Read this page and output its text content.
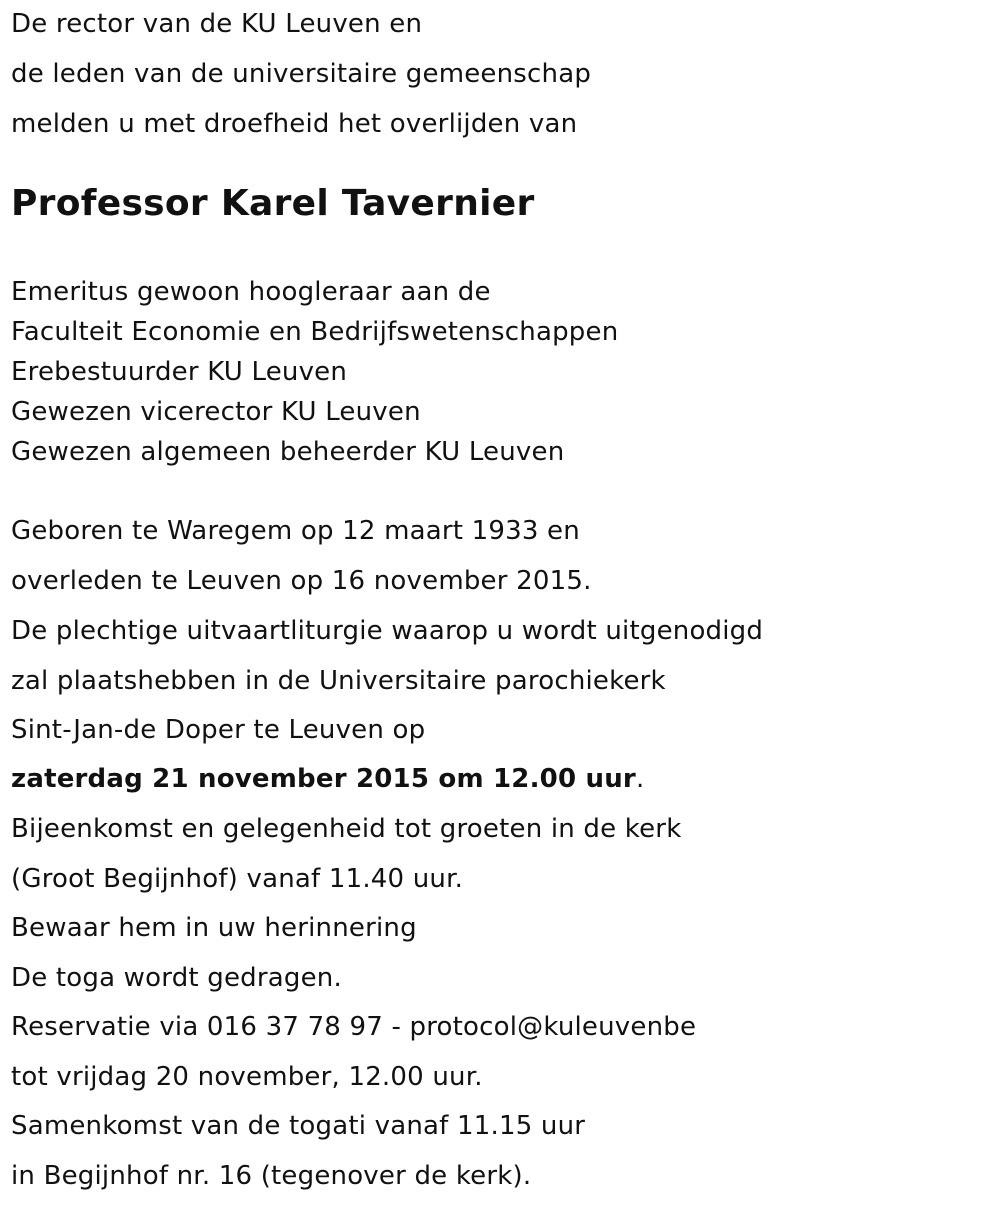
De rector van de KU Leuven en
de leden van de universitaire gemeenschap
melden u met droefheid het overlijden van
Professor Karel Tavernier
Emeritus gewoon hoogleraar aan de
Faculteit Economie en Bedrijfswetenschappen
Erebestuurder KU Leuven
Gewezen vicerector KU Leuven
Gewezen algemeen beheerder KU Leuven
Geboren te Waregem op 12 maart 1933 en
overleden te Leuven op 16 november 2015.
De plechtige uitvaartliturgie waarop u wordt uitgenodigd
zal plaatshebben in de Universitaire parochiekerk
Sint-Jan-de Doper te Leuven op
zaterdag 21 november 2015 om 12.00 uur.
Bijeenkomst en gelegenheid tot groeten in de kerk
(Groot Begijnhof) vanaf 11.40 uur.
Bewaar hem in uw herinnering
De toga wordt gedragen.
Reservatie via 016 37 78 97 - protocol@kuleuvenbe
tot vrijdag 20 november, 12.00 uur.
Samenkomst van de togati vanaf 11.15 uur
in Begijnhof nr. 16 (tegenover de kerk).
